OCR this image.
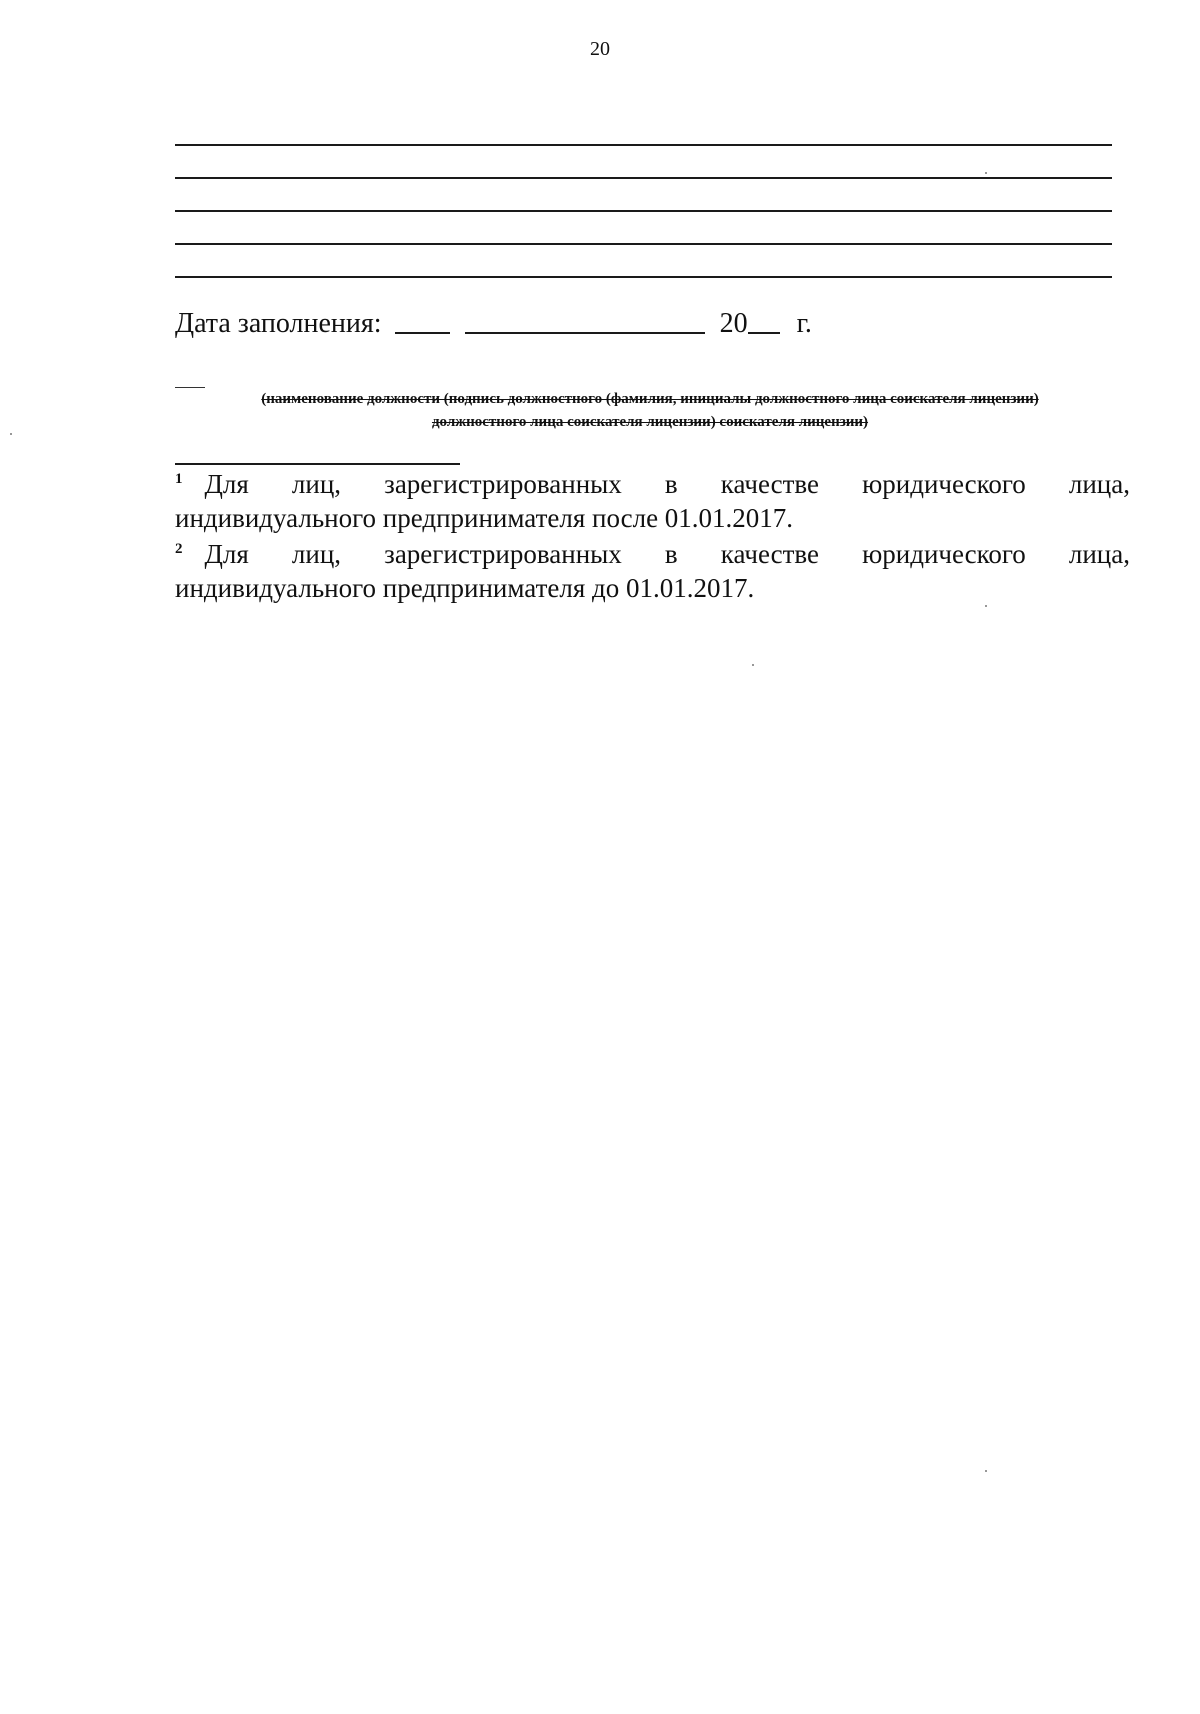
20
Дата заполнения:	20 г.
(наименование должности (подпись должностного (фамилия, инициалы должностного лица соискателя лицензии)
должностного лица соискателя лицензии) соискателя лицензии)
$^1$ Для лиц, зарегистрированных в качестве юридического лица,
индивидуального предпринимателя после 01.01.2017.
$^2$ Для лиц, зарегистрированных в качестве юридического лица,
индивидуального предпринимателя до 01.01.2017.
